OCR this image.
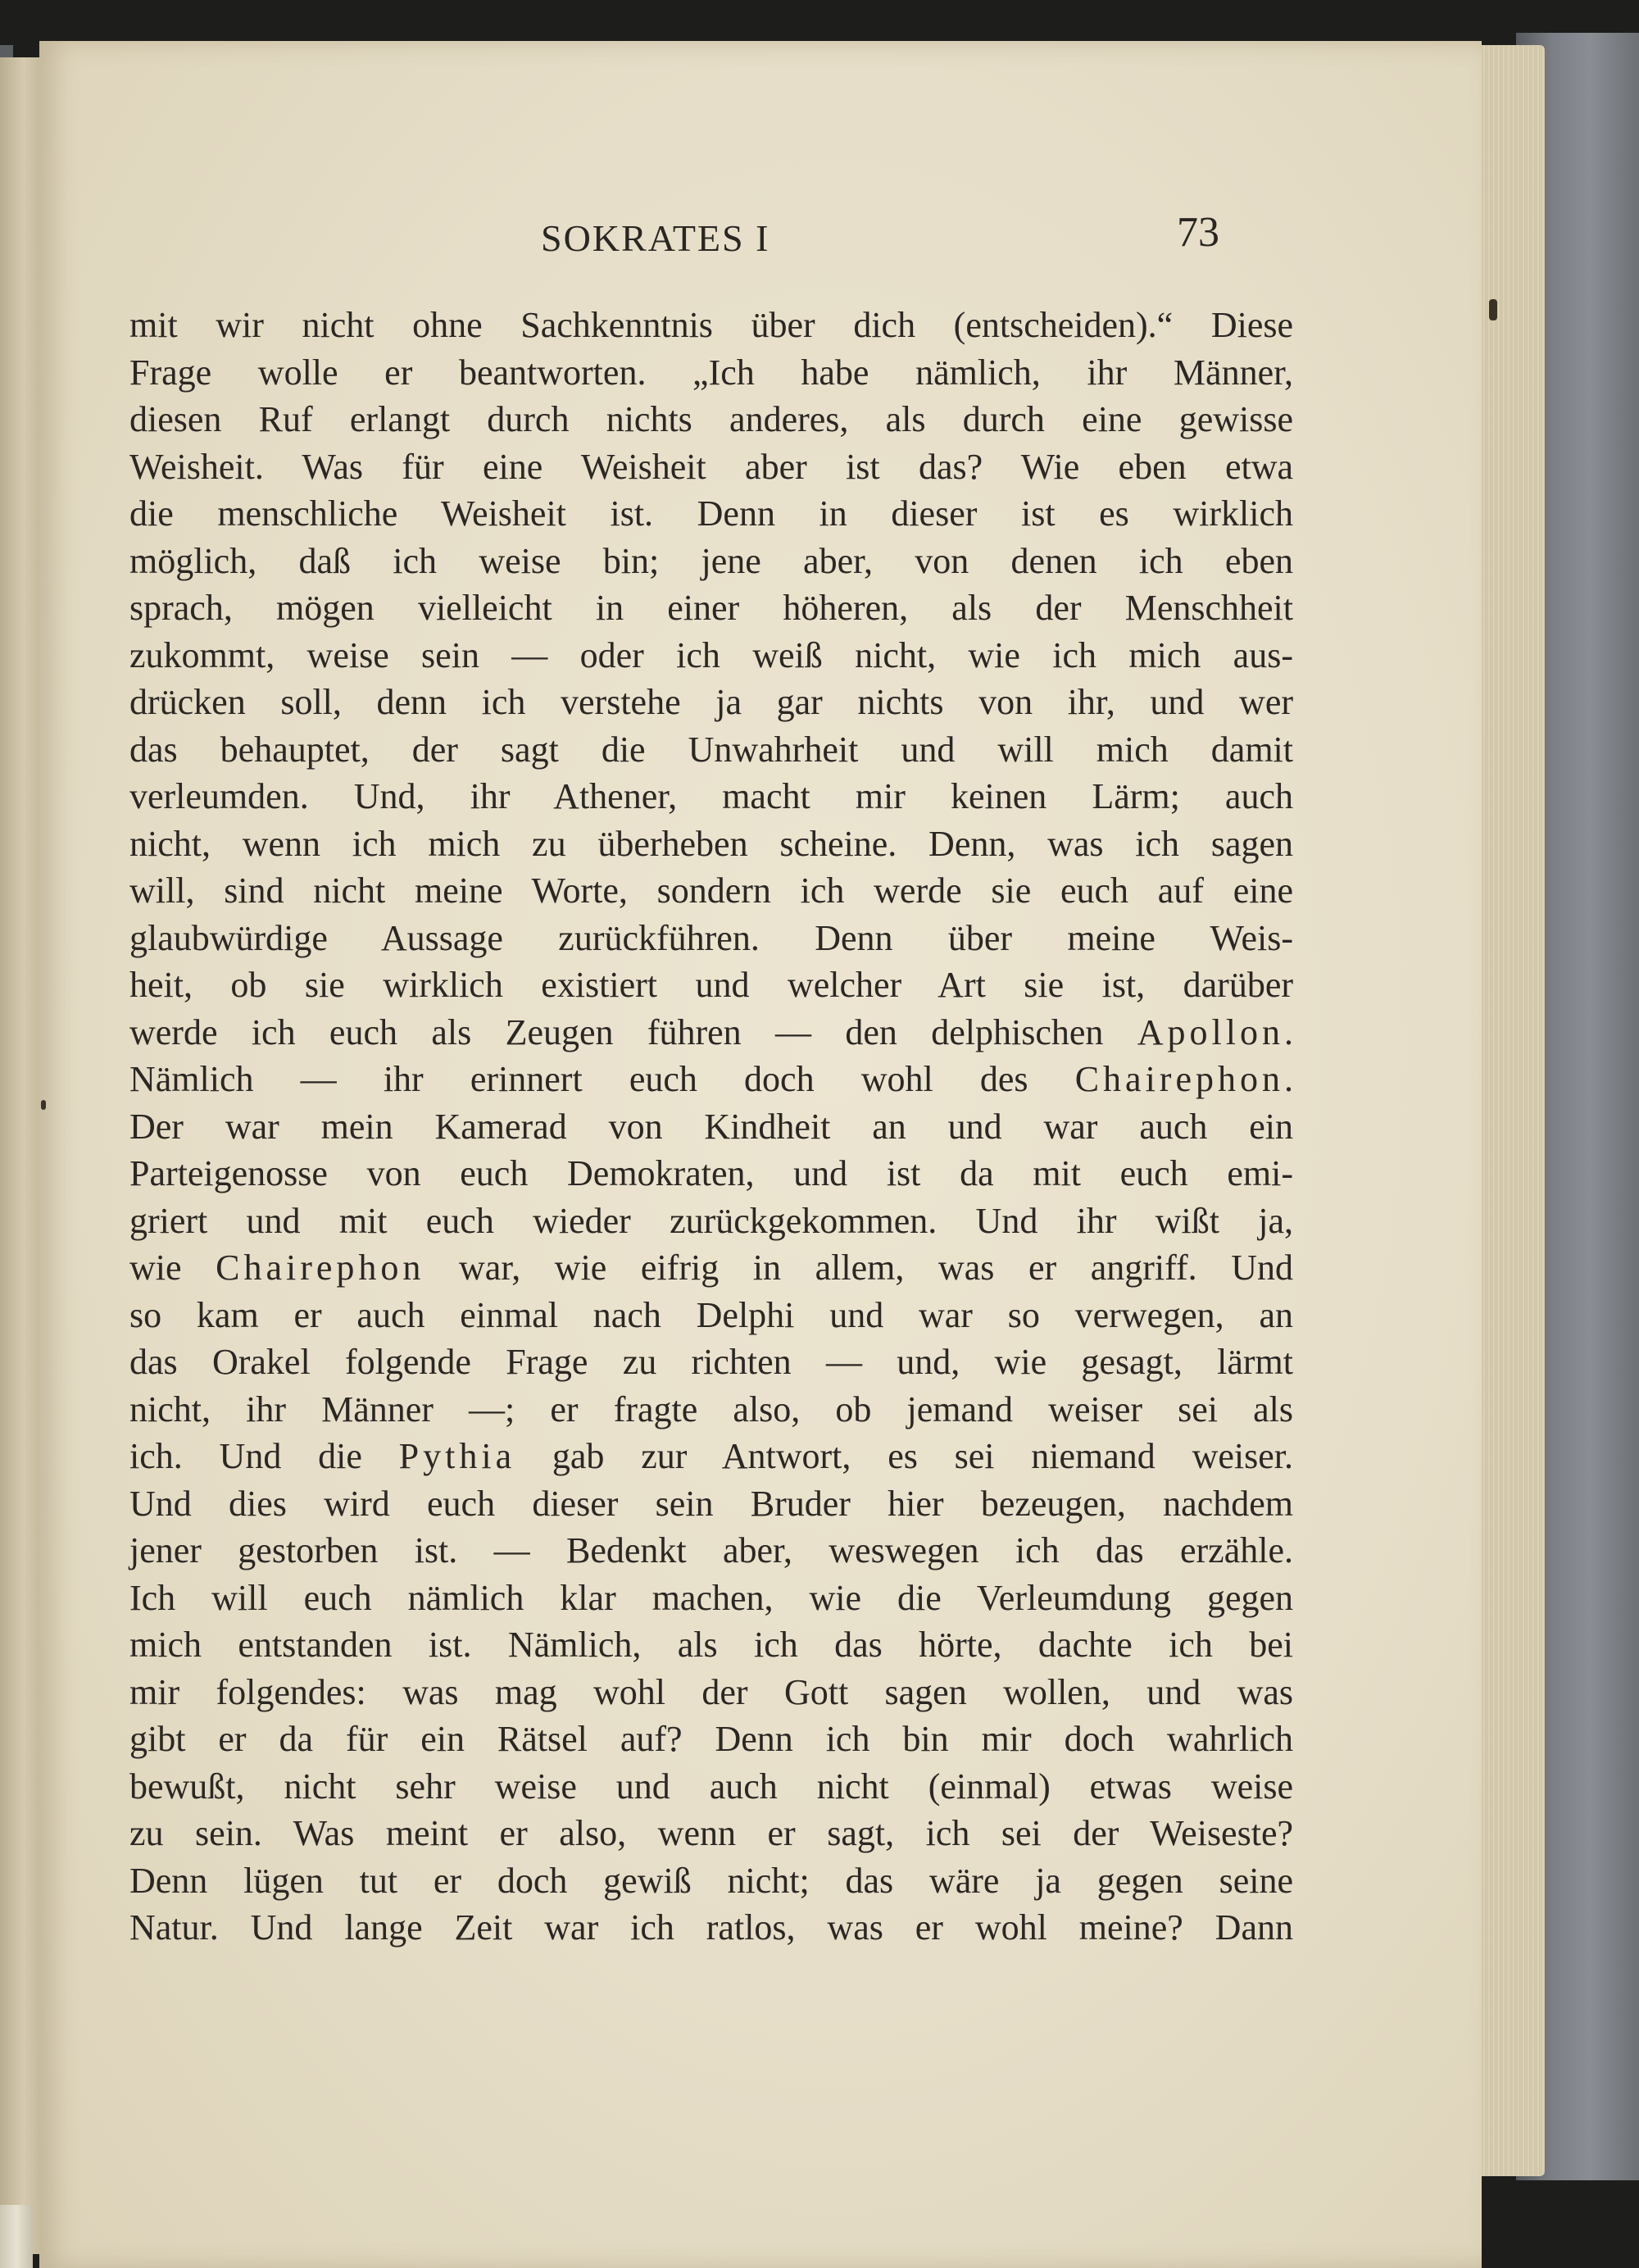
SOKRATES I	73
mit wir nicht ohne Sachkenntnis über dich (entscheiden).“ Diese
Frage wolle er beantworten. „Ich habe nämlich, ihr Männer,
diesen Ruf erlangt durch nichts anderes, als durch eine gewisse
Weisheit. Was für eine Weisheit aber ist das? Wie eben etwa
die menschliche Weisheit ist. Denn in dieser ist es wirklich
möglich, daß ich weise bin; jene aber, von denen ich eben
sprach, mögen vielleicht in einer höheren, als der Menschheit
zukommt, weise sein — oder ich weiß nicht, wie ich mich aus-
drücken soll, denn ich verstehe ja gar nichts von ihr, und wer
das behauptet, der sagt die Unwahrheit und will mich damit
verleumden. Und, ihr Athener, macht mir keinen Lärm; auch
nicht, wenn ich mich zu überheben scheine. Denn, was ich sagen
will, sind nicht meine Worte, sondern ich werde sie euch auf eine
glaubwürdige Aussage zurückführen. Denn über meine Weis-
heit, ob sie wirklich existiert und welcher Art sie ist, darüber
werde ich euch als Zeugen führen — den delphischen Apollon.
Nämlich — ihr erinnert euch doch wohl des Chairephon.
Der war mein Kamerad von Kindheit an und war auch ein
Parteigenosse von euch Demokraten, und ist da mit euch emi-
griert und mit euch wieder zurückgekommen. Und ihr wißt ja,
wie Chairephon war, wie eifrig in allem, was er angriff. Und
so kam er auch einmal nach Delphi und war so verwegen, an
das Orakel folgende Frage zu richten — und, wie gesagt, lärmt
nicht, ihr Männer —; er fragte also, ob jemand weiser sei als
ich. Und die Pythia gab zur Antwort, es sei niemand weiser.
Und dies wird euch dieser sein Bruder hier bezeugen, nachdem
jener gestorben ist. — Bedenkt aber, weswegen ich das erzähle.
Ich will euch nämlich klar machen, wie die Verleumdung gegen
mich entstanden ist. Nämlich, als ich das hörte, dachte ich bei
mir folgendes: was mag wohl der Gott sagen wollen, und was
gibt er da für ein Rätsel auf? Denn ich bin mir doch wahrlich
bewußt, nicht sehr weise und auch nicht (einmal) etwas weise
zu sein. Was meint er also, wenn er sagt, ich sei der Weiseste?
Denn lügen tut er doch gewiß nicht; das wäre ja gegen seine
Natur. Und lange Zeit war ich ratlos, was er wohl meine? Dann
